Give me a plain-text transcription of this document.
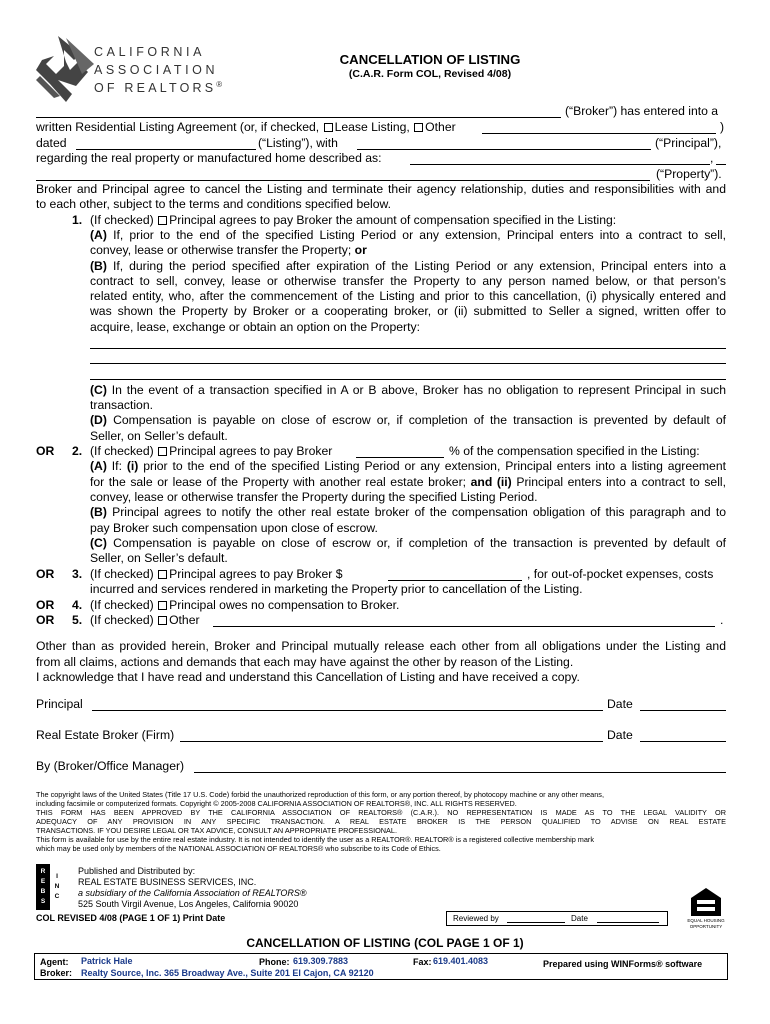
CALIFORNIA
ASSOCIATION
OF REALTORS®
CANCELLATION OF LISTING
(C.A.R. Form COL, Revised 4/08)
(“Broker”) has entered into a
written Residential Listing Agreement (or, if checked, Lease Listing, Other	)
dated	(“Listing”), with	(“Principal”),
regarding the real property or manufactured home described as:	,
(“Property”).
Broker and Principal agree to cancel the Listing and terminate their agency relationship, duties and responsibilities with and
to each other, subject to the terms and conditions specified below.
1. (If checked) Principal agrees to pay Broker the amount of compensation specified in the Listing:
(A) If, prior to the end of the specified Listing Period or any extension, Principal enters into a contract to sell,
convey, lease or otherwise transfer the Property; or
(B) If, during the period specified after expiration of the Listing Period or any extension, Principal enters into a
contract to sell, convey, lease or otherwise transfer the Property to any person named below, or that person’s
related entity, who, after the commencement of the Listing and prior to this cancellation, (i) physically entered and
was shown the Property by Broker or a cooperating broker, or (ii) submitted to Seller a signed, written offer to
acquire, lease, exchange or obtain an option on the Property:
(C) In the event of a transaction specified in A or B above, Broker has no obligation to represent Principal in such
transaction.
(D) Compensation is payable on close of escrow or, if completion of the transaction is prevented by default of
Seller, on Seller’s default.
OR 2. (If checked) Principal agrees to pay Broker	% of the compensation specified in the Listing:
(A) If: (i) prior to the end of the specified Listing Period or any extension, Principal enters into a listing agreement
for the sale or lease of the Property with another real estate broker; and (ii) Principal enters into a contract to sell,
convey, lease or otherwise transfer the Property during the specified Listing Period.
(B) Principal agrees to notify the other real estate broker of the compensation obligation of this paragraph and to
pay Broker such compensation upon close of escrow.
(C) Compensation is payable on close of escrow or, if completion of the transaction is prevented by default of
Seller, on Seller’s default.
OR 3. (If checked) Principal agrees to pay Broker $	, for out-of-pocket expenses, costs
incurred and services rendered in marketing the Property prior to cancellation of the Listing.
OR 4. (If checked) Principal owes no compensation to Broker.
OR 5. (If checked) Other	.
Other than as provided herein, Broker and Principal mutually release each other from all obligations under the Listing and
from all claims, actions and demands that each may have against the other by reason of the Listing.
I acknowledge that I have read and understand this Cancellation of Listing and have received a copy.
Principal	Date
Real Estate Broker (Firm)	Date
By (Broker/Office Manager)
The copyright laws of the United States (Title 17 U.S. Code) forbid the unauthorized reproduction of this form, or any portion thereof, by photocopy machine or any other means,
including facsimile or computerized formats. Copyright © 2005-2008 CALIFORNIA ASSOCIATION OF REALTORS®, INC. ALL RIGHTS RESERVED.
THIS FORM HAS BEEN APPROVED BY THE CALIFORNIA ASSOCIATION OF REALTORS® (C.A.R.). NO REPRESENTATION IS MADE AS TO THE LEGAL VALIDITY OR
ADEQUACY OF ANY PROVISION IN ANY SPECIFIC TRANSACTION. A REAL ESTATE BROKER IS THE PERSON QUALIFIED TO ADVISE ON REAL ESTATE
TRANSACTIONS. IF YOU DESIRE LEGAL OR TAX ADVICE, CONSULT AN APPROPRIATE PROFESSIONAL.
This form is available for use by the entire real estate industry. It is not intended to identify the user as a REALTOR®. REALTOR® is a registered collective membership mark
which may be used only by members of the NATIONAL ASSOCIATION OF REALTORS® who subscribe to its Code of Ethics.
R
E
B
S
I
N
C
Published and Distributed by:
REAL ESTATE BUSINESS SERVICES, INC.
a subsidiary of the California Association of REALTORS®
525 South Virgil Avenue, Los Angeles, California 90020
COL REVISED 4/08 (PAGE 1 OF 1) Print Date	Reviewed by	Date	EQUAL HOUSING
OPPORTUNITY
CANCELLATION OF LISTING (COL PAGE 1 OF 1)
Agent: Patrick Hale	Phone: 619.309.7883	Fax: 619.401.4083	Prepared using WINForms® software
Broker: Realty Source, Inc. 365 Broadway Ave., Suite 201 El Cajon, CA 92120
